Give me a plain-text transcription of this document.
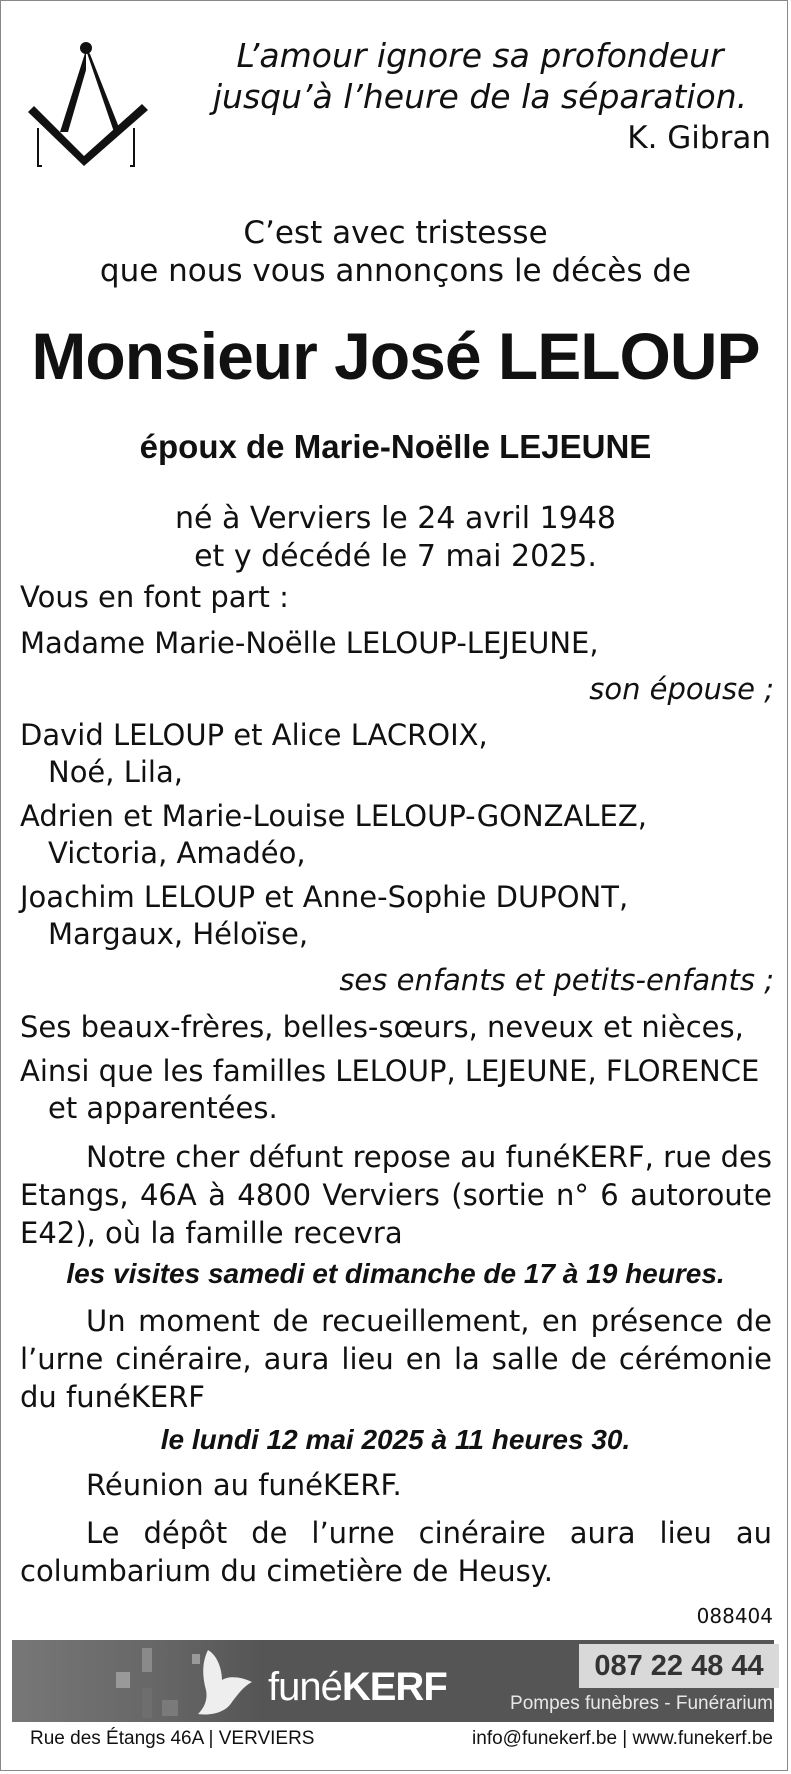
L’amour ignore sa profondeur
jusqu’à l’heure de la séparation.
K. Gibran
C’est avec tristesse
que nous vous annonçons le décès de
Monsieur José LELOUP
époux de Marie-Noëlle LEJEUNE
né à Verviers le 24 avril 1948
et y décédé le 7 mai 2025.
Vous en font part :
Madame Marie-Noëlle LELOUP-LEJEUNE,
son épouse ;
David LELOUP et Alice LACROIX,
Noé, Lila,
Adrien et Marie-Louise LELOUP-GONZALEZ,
Victoria, Amadéo,
Joachim LELOUP et Anne-Sophie DUPONT,
Margaux, Héloïse,
ses enfants et petits-enfants ;
Ses beaux-frères, belles-sœurs, neveux et nièces,
Ainsi que les familles LELOUP, LEJEUNE, FLORENCE
et apparentées.
Notre cher défunt repose au funéKERF, rue des Etangs, 46A à 4800 Verviers (sortie n° 6 autoroute E42), où la famille recevra
les visites samedi et dimanche de 17 à 19 heures.
Un moment de recueillement, en présence de l’urne cinéraire, aura lieu en la salle de cérémonie du funéKERF
le lundi 12 mai 2025 à 11 heures 30.
Réunion au funéKERF.
Le dépôt de l’urne cinéraire aura lieu au columbarium du cimetière de Heusy.
088404
funéKERF	087 22 48 44
Pompes funèbres - Funérarium
Rue des Étangs 46A | VERVIERS	info@funekerf.be | www.funekerf.be
